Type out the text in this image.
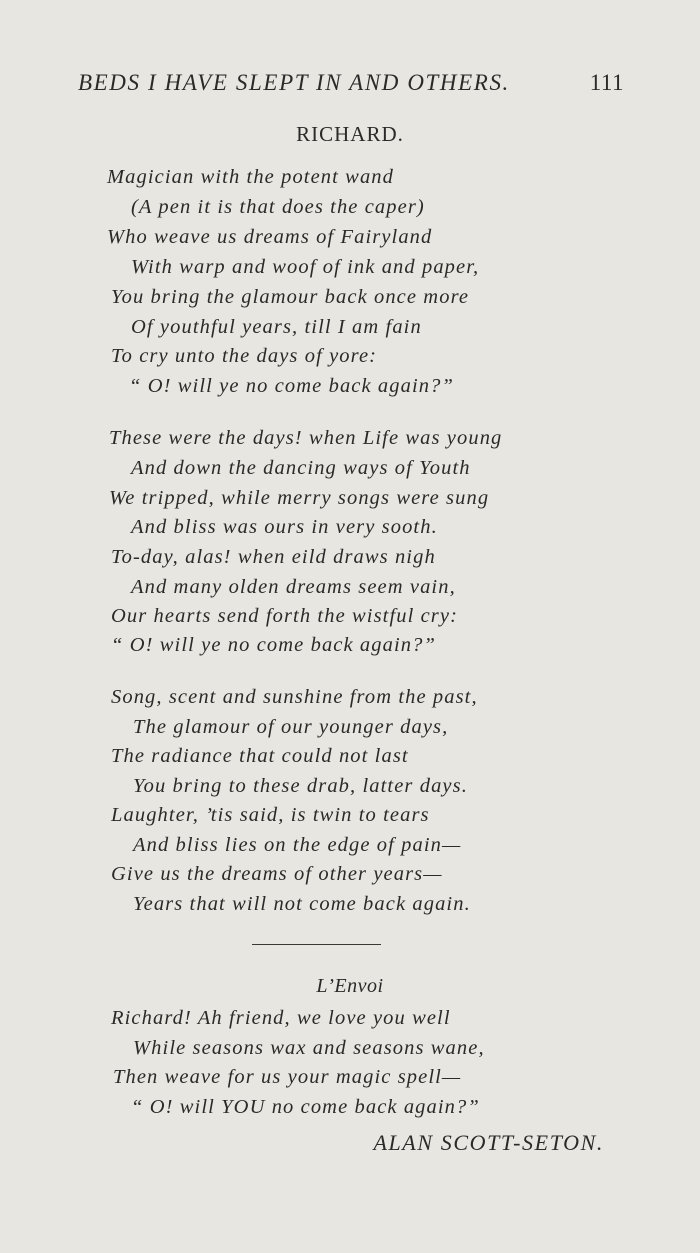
BEDS I HAVE SLEPT IN AND OTHERS.	111
RICHARD.
Magician with the potent wand
(A pen it is that does the caper)
Who weave us dreams of Fairyland
With warp and woof of ink and paper,
You bring the glamour back once more
Of youthful years, till I am fain
To cry unto the days of yore:
“ O! will ye no come back again?”
These were the days! when Life was young
And down the dancing ways of Youth
We tripped, while merry songs were sung
And bliss was ours in very sooth.
To-day, alas! when eild draws nigh
And many olden dreams seem vain,
Our hearts send forth the wistful cry:
“ O! will ye no come back again?”
Song, scent and sunshine from the past,
The glamour of our younger days,
The radiance that could not last
You bring to these drab, latter days.
Laughter, ’tis said, is twin to tears
And bliss lies on the edge of pain—
Give us the dreams of other years—
Years that will not come back again.
L’Envoi
Richard! Ah friend, we love you well
While seasons wax and seasons wane,
Then weave for us your magic spell—
“ O! will YOU no come back again?”
ALAN SCOTT-SETON.
